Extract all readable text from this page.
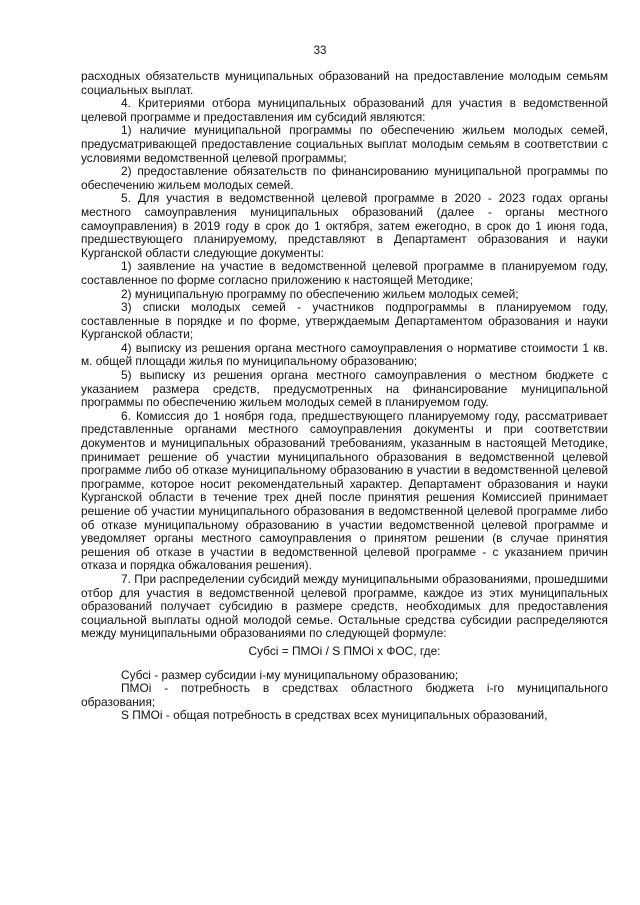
33

расходных обязательств муниципальных образований на предоставление молодым семьям социальных выплат.

4. Критериями отбора муниципальных образований для участия в ведомственной целевой программе и предоставления им субсидий являются:

1) наличие муниципальной программы по обеспечению жильем молодых семей, предусматривающей предоставление социальных выплат молодым семьям в соответствии с условиями ведомственной целевой программы;

2) предоставление обязательств по финансированию муниципальной программы по обеспечению жильем молодых семей.

5. Для участия в ведомственной целевой программе в 2020 - 2023 годах органы местного самоуправления муниципальных образований (далее - органы местного самоуправления) в 2019 году в срок до 1 октября, затем ежегодно, в срок до 1 июня года, предшествующего планируемому, представляют в Департамент образования и науки Курганской области следующие документы:

1) заявление на участие в ведомственной целевой программе в планируемом году, составленное по форме согласно приложению к настоящей Методике;

2) муниципальную программу по обеспечению жильем молодых семей;

3) списки молодых семей - участников подпрограммы в планируемом году, составленные в порядке и по форме, утверждаемым Департаментом образования и науки Курганской области;

4) выписку из решения органа местного самоуправления о нормативе стоимости 1 кв. м. общей площади жилья по муниципальному образованию;

5) выписку из решения органа местного самоуправления о местном бюджете с указанием размера средств, предусмотренных на финансирование муниципальной программы по обеспечению жильем молодых семей в планируемом году.

6. Комиссия до 1 ноября года, предшествующего планируемому году, рассматривает представленные органами местного самоуправления документы и при соответствии документов и муниципальных образований требованиям, указанным в настоящей Методике, принимает решение об участии муниципального образования в ведомственной целевой программе либо об отказе муниципальному образованию в участии в ведомственной целевой программе, которое носит рекомендательный характер. Департамент образования и науки Курганской области в течение трех дней после принятия решения Комиссией принимает решение об участии муниципального образования в ведомственной целевой программе либо об отказе муниципальному образованию в участии ведомственной целевой программе и уведомляет органы местного самоуправления о принятом решении (в случае принятия решения об отказе в участии в ведомственной целевой программе - с указанием причин отказа и порядка обжалования решения).

7. При распределении субсидий между муниципальными образованиями, прошедшими отбор для участия в ведомственной целевой программе, каждое из этих муниципальных образований получает субсидию в размере средств, необходимых для предоставления социальной выплаты одной молодой семье. Остальные средства субсидии распределяются между муниципальными образованиями по следующей формуле:

Субсi = ПМОi / S ПМОi х ФОС, где:

Субсi - размер субсидии i-му муниципальному образованию;

ПМОi - потребность в средствах областного бюджета i-го муниципального образования;

S ПМОi - общая потребность в средствах всех муниципальных образований,
